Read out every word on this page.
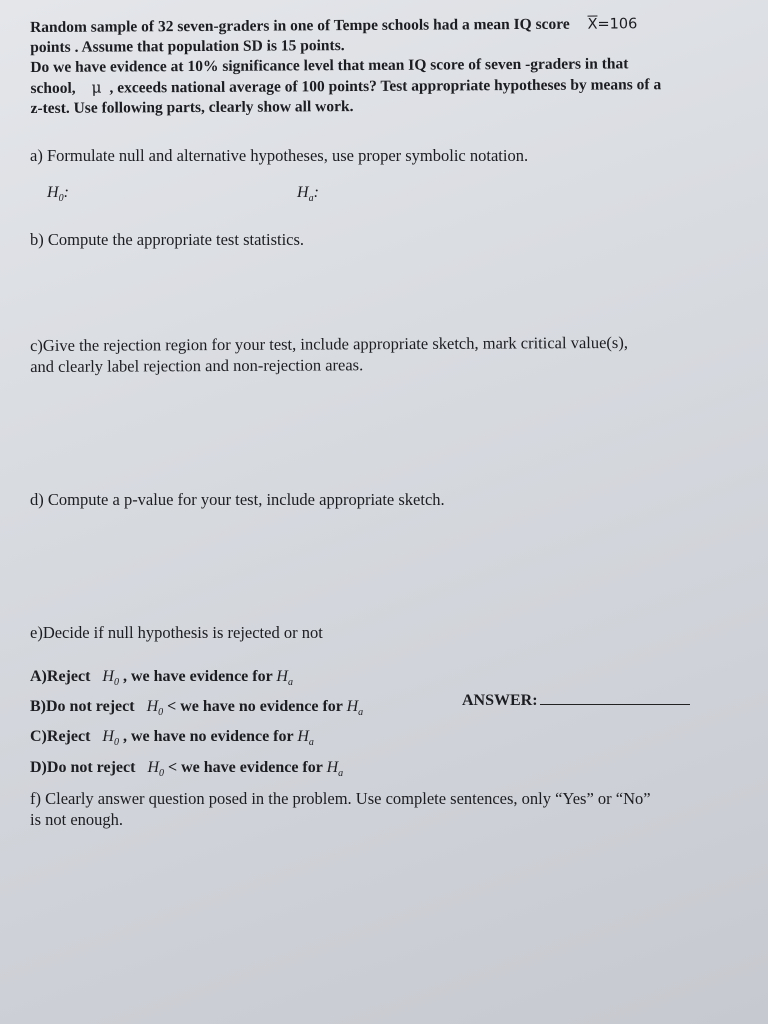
Random sample of 32 seven-graders in one of Tempe schools had a mean IQ score $\overline{X}=106$
points . Assume that population SD is 15 points.
Do we have evidence at 10% significance level that mean IQ score of seven -graders in that
school, μ , exceeds national average of 100 points? Test appropriate hypotheses by means of a
z-test. Use following parts, clearly show all work.
a) Formulate null and alternative hypotheses, use proper symbolic notation.
$H_0$:	$H_a$:
b) Compute the appropriate test statistics.
c)Give the rejection region for your test, include appropriate sketch, mark critical value(s),
and clearly label rejection and non-rejection areas.
d) Compute a p-value for your test, include appropriate sketch.
e)Decide if null hypothesis is rejected or not
A)Reject $H_0$ , we have evidence for $H_a$
B)Do not reject $H_0$ < we have no evidence for $H_a$
C)Reject $H_0$ , we have no evidence for $H_a$
D)Do not reject $H_0$ < we have evidence for $H_a$
ANSWER:
f) Clearly answer question posed in the problem. Use complete sentences, only “Yes” or “No”
is not enough.
